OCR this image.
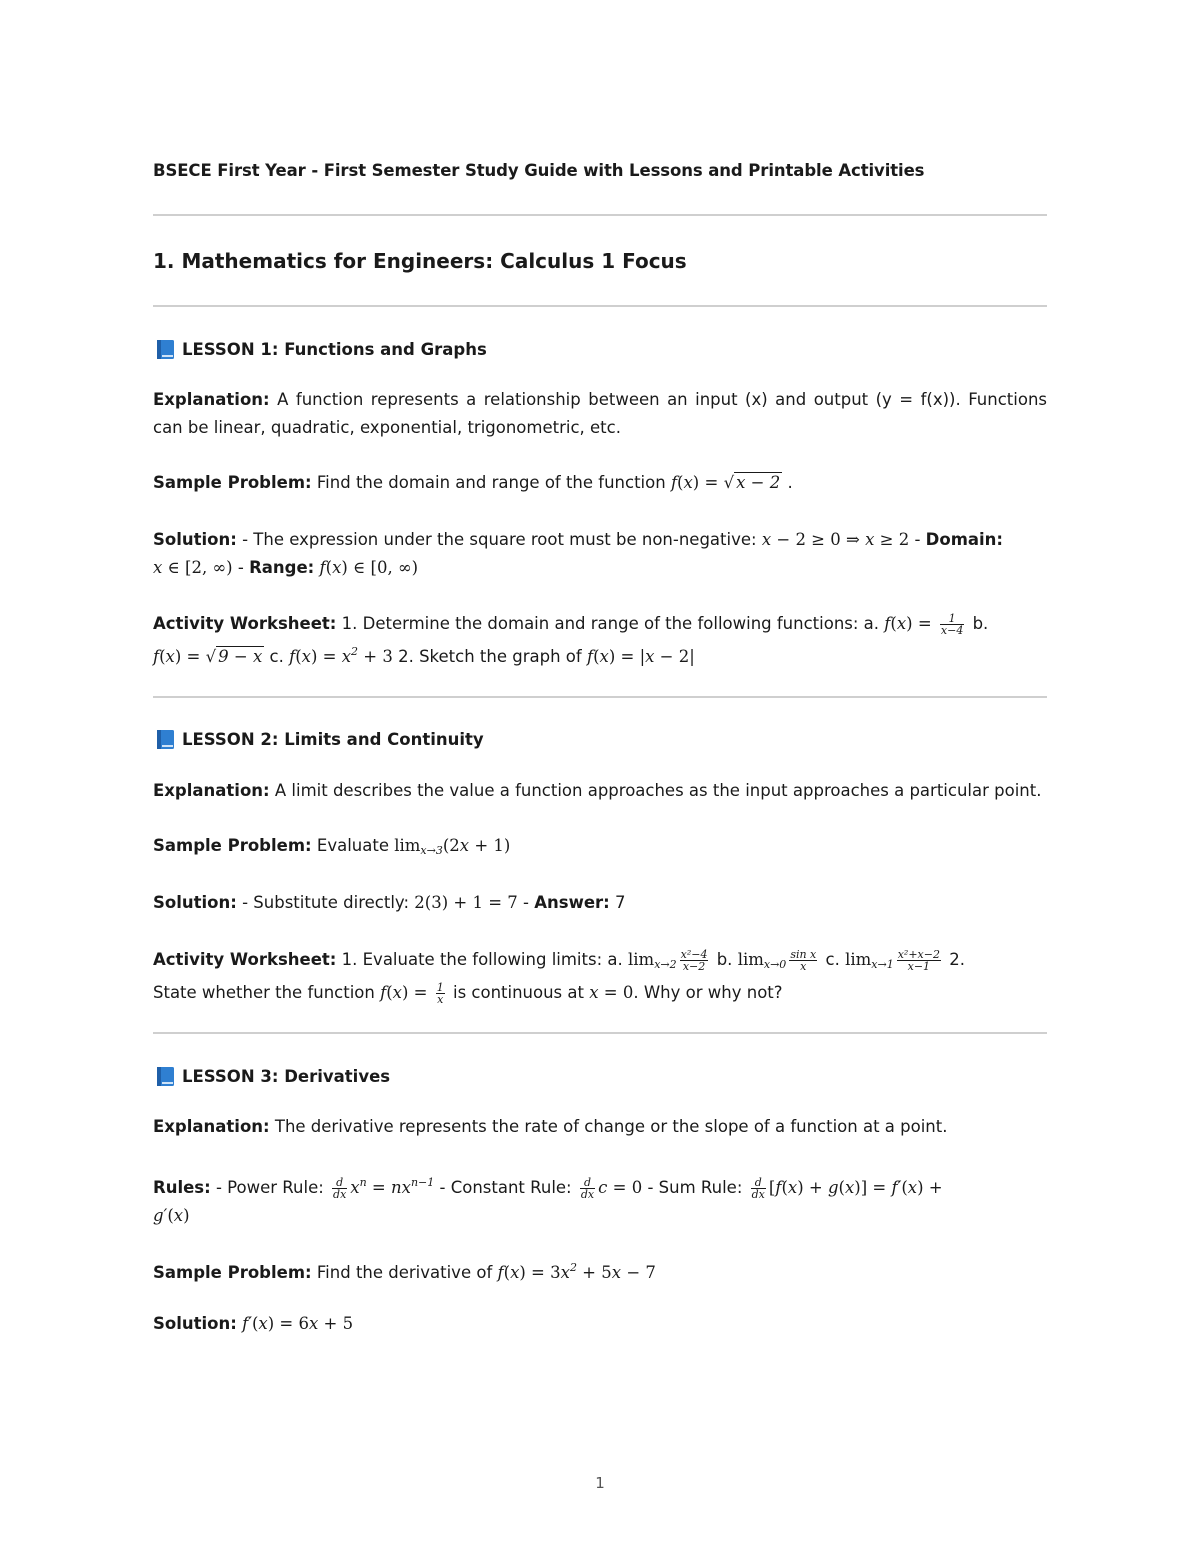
BSECE First Year - First Semester Study Guide with Lessons and Printable Activities
1. Mathematics for Engineers: Calculus 1 Focus
LESSON 1: Functions and Graphs
Explanation: A function represents a relationship between an input (x) and output (y = f(x)). Functions can be linear, quadratic, exponential, trigonometric, etc.
Sample Problem: Find the domain and range of the function f(x) = √ x − 2 .
Solution: - The expression under the square root must be non-negative: x − 2 ≥ 0 ⇒ x ≥ 2 - Domain:
x ∈ [2, ∞) - Range: f(x) ∈ [0, ∞)
Activity Worksheet: 1. Determine the domain and range of the following functions: a. $f(x) = \frac{1}{x-4} b$.
f(x) = √ 9 − x c. $f(x) = x^2 + 3$ 2. Sketch the graph of f(x) = |x − 2|
LESSON 2: Limits and Continuity
Explanation: A limit describes the value a function approaches as the input approaches a particular point.
Sample Problem: Evaluate $\lim_{x\to 3}(2x + 1)$
Solution: - Substitute directly: 2(3) + 1 = 7 - Answer: 7
Activity Worksheet: 1. Evaluate the following limits: a. $\lim_{x\to 2} \frac{\text{x²−4}}{x-2} b$. $\lim_{x\to 0} \frac{\text{sin x}}{x} c$. $\lim_{x\to 1} \frac{\text{x²+x−2}}{x-1} 2$.
State whether the function $f(x) = \frac{1}{x}$ is continuous at x = 0. Why or why not?
LESSON 3: Derivatives
Explanation: The derivative represents the rate of change or the slope of a function at a point.
Rules: - Power Rule: $\frac{d}{dx} x^n = nx^{n-1}$ - Constant Rule: $\frac{d}{dx}$ c = 0 - Sum Rule: $\frac{d}{dx} [f(x) + g(x)] = f'(x)$ +
g′(x)
Sample Problem: Find the derivative of $f(x) = 3x^2 + 5x - 7$
Solution: f′(x) = 6x + 5
1
